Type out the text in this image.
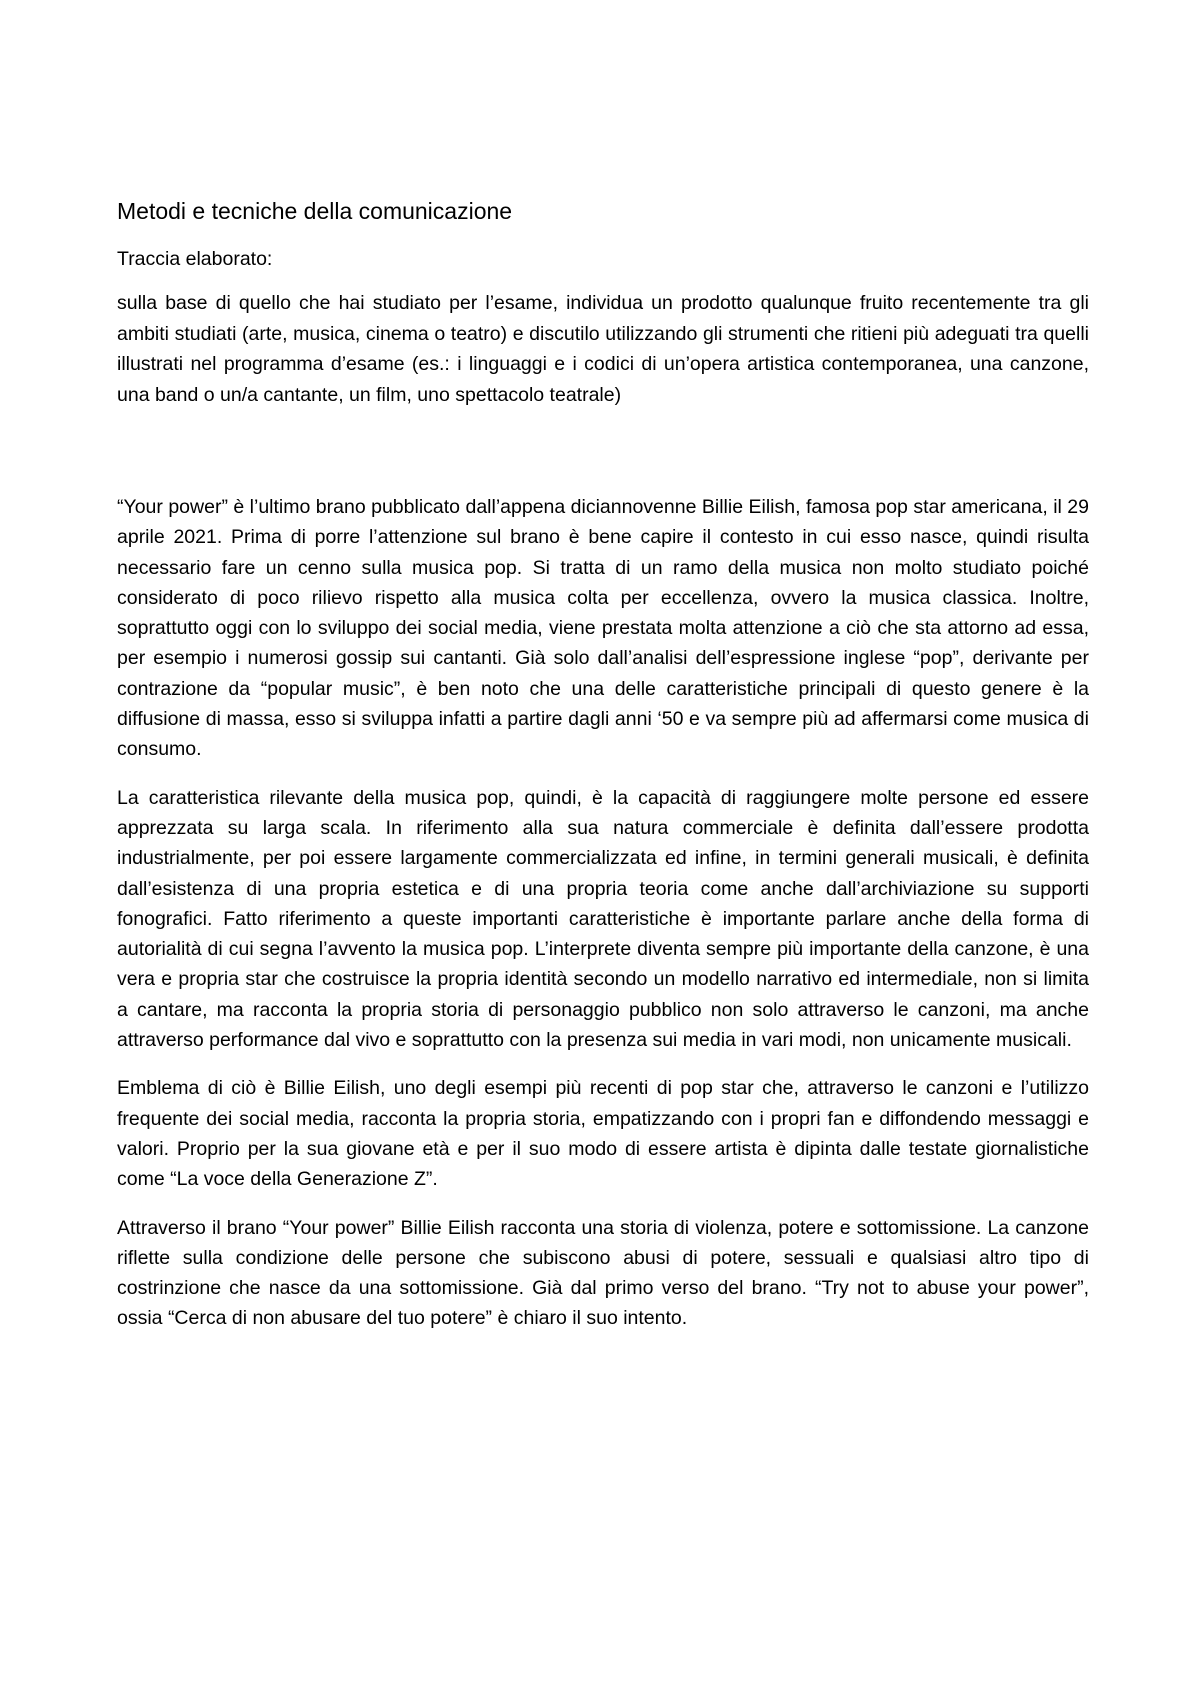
Metodi e tecniche della comunicazione
Traccia elaborato:

sulla base di quello che hai studiato per l’esame, individua un prodotto qualunque fruito recentemente tra gli ambiti studiati (arte, musica, cinema o teatro) e discutilo utilizzando gli strumenti che ritieni più adeguati tra quelli illustrati nel programma d’esame (es.: i linguaggi e i codici di un’opera artistica contemporanea, una canzone, una band o un/a cantante, un film, uno spettacolo teatrale)

“Your power” è l’ultimo brano pubblicato dall’appena diciannovenne Billie Eilish, famosa pop star americana, il 29 aprile 2021. Prima di porre l’attenzione sul brano è bene capire il contesto in cui esso nasce, quindi risulta necessario fare un cenno sulla musica pop. Si tratta di un ramo della musica non molto studiato poiché considerato di poco rilievo rispetto alla musica colta per eccellenza, ovvero la musica classica. Inoltre, soprattutto oggi con lo sviluppo dei social media, viene prestata molta attenzione a ciò che sta attorno ad essa, per esempio i numerosi gossip sui cantanti. Già solo dall’analisi dell’espressione inglese “pop”, derivante per contrazione da “popular music”, è ben noto che una delle caratteristiche principali di questo genere è la diffusione di massa, esso si sviluppa infatti a partire dagli anni ‘50 e va sempre più ad affermarsi come musica di consumo.

La caratteristica rilevante della musica pop, quindi, è la capacità di raggiungere molte persone ed essere apprezzata su larga scala. In riferimento alla sua natura commerciale è definita dall’essere prodotta industrialmente, per poi essere largamente commercializzata ed infine, in termini generali musicali, è definita dall’esistenza di una propria estetica e di una propria teoria come anche dall’archiviazione su supporti fonografici. Fatto riferimento a queste importanti caratteristiche è importante parlare anche della forma di autorialità di cui segna l’avvento la musica pop. L’interprete diventa sempre più importante della canzone, è una vera e propria star che costruisce la propria identità secondo un modello narrativo ed intermediale, non si limita a cantare, ma racconta la propria storia di personaggio pubblico non solo attraverso le canzoni, ma anche attraverso performance dal vivo e soprattutto con la presenza sui media in vari modi, non unicamente musicali.

Emblema di ciò è Billie Eilish, uno degli esempi più recenti di pop star che, attraverso le canzoni e l’utilizzo frequente dei social media, racconta la propria storia, empatizzando con i propri fan e diffondendo messaggi e valori. Proprio per la sua giovane età e per il suo modo di essere artista è dipinta dalle testate giornalistiche come “La voce della Generazione Z”.

Attraverso il brano “Your power” Billie Eilish racconta una storia di violenza, potere e sottomissione. La canzone riflette sulla condizione delle persone che subiscono abusi di potere, sessuali e qualsiasi altro tipo di costrinzione che nasce da una sottomissione. Già dal primo verso del brano. “Try not to abuse your power”, ossia “Cerca di non abusare del tuo potere” è chiaro il suo intento.
